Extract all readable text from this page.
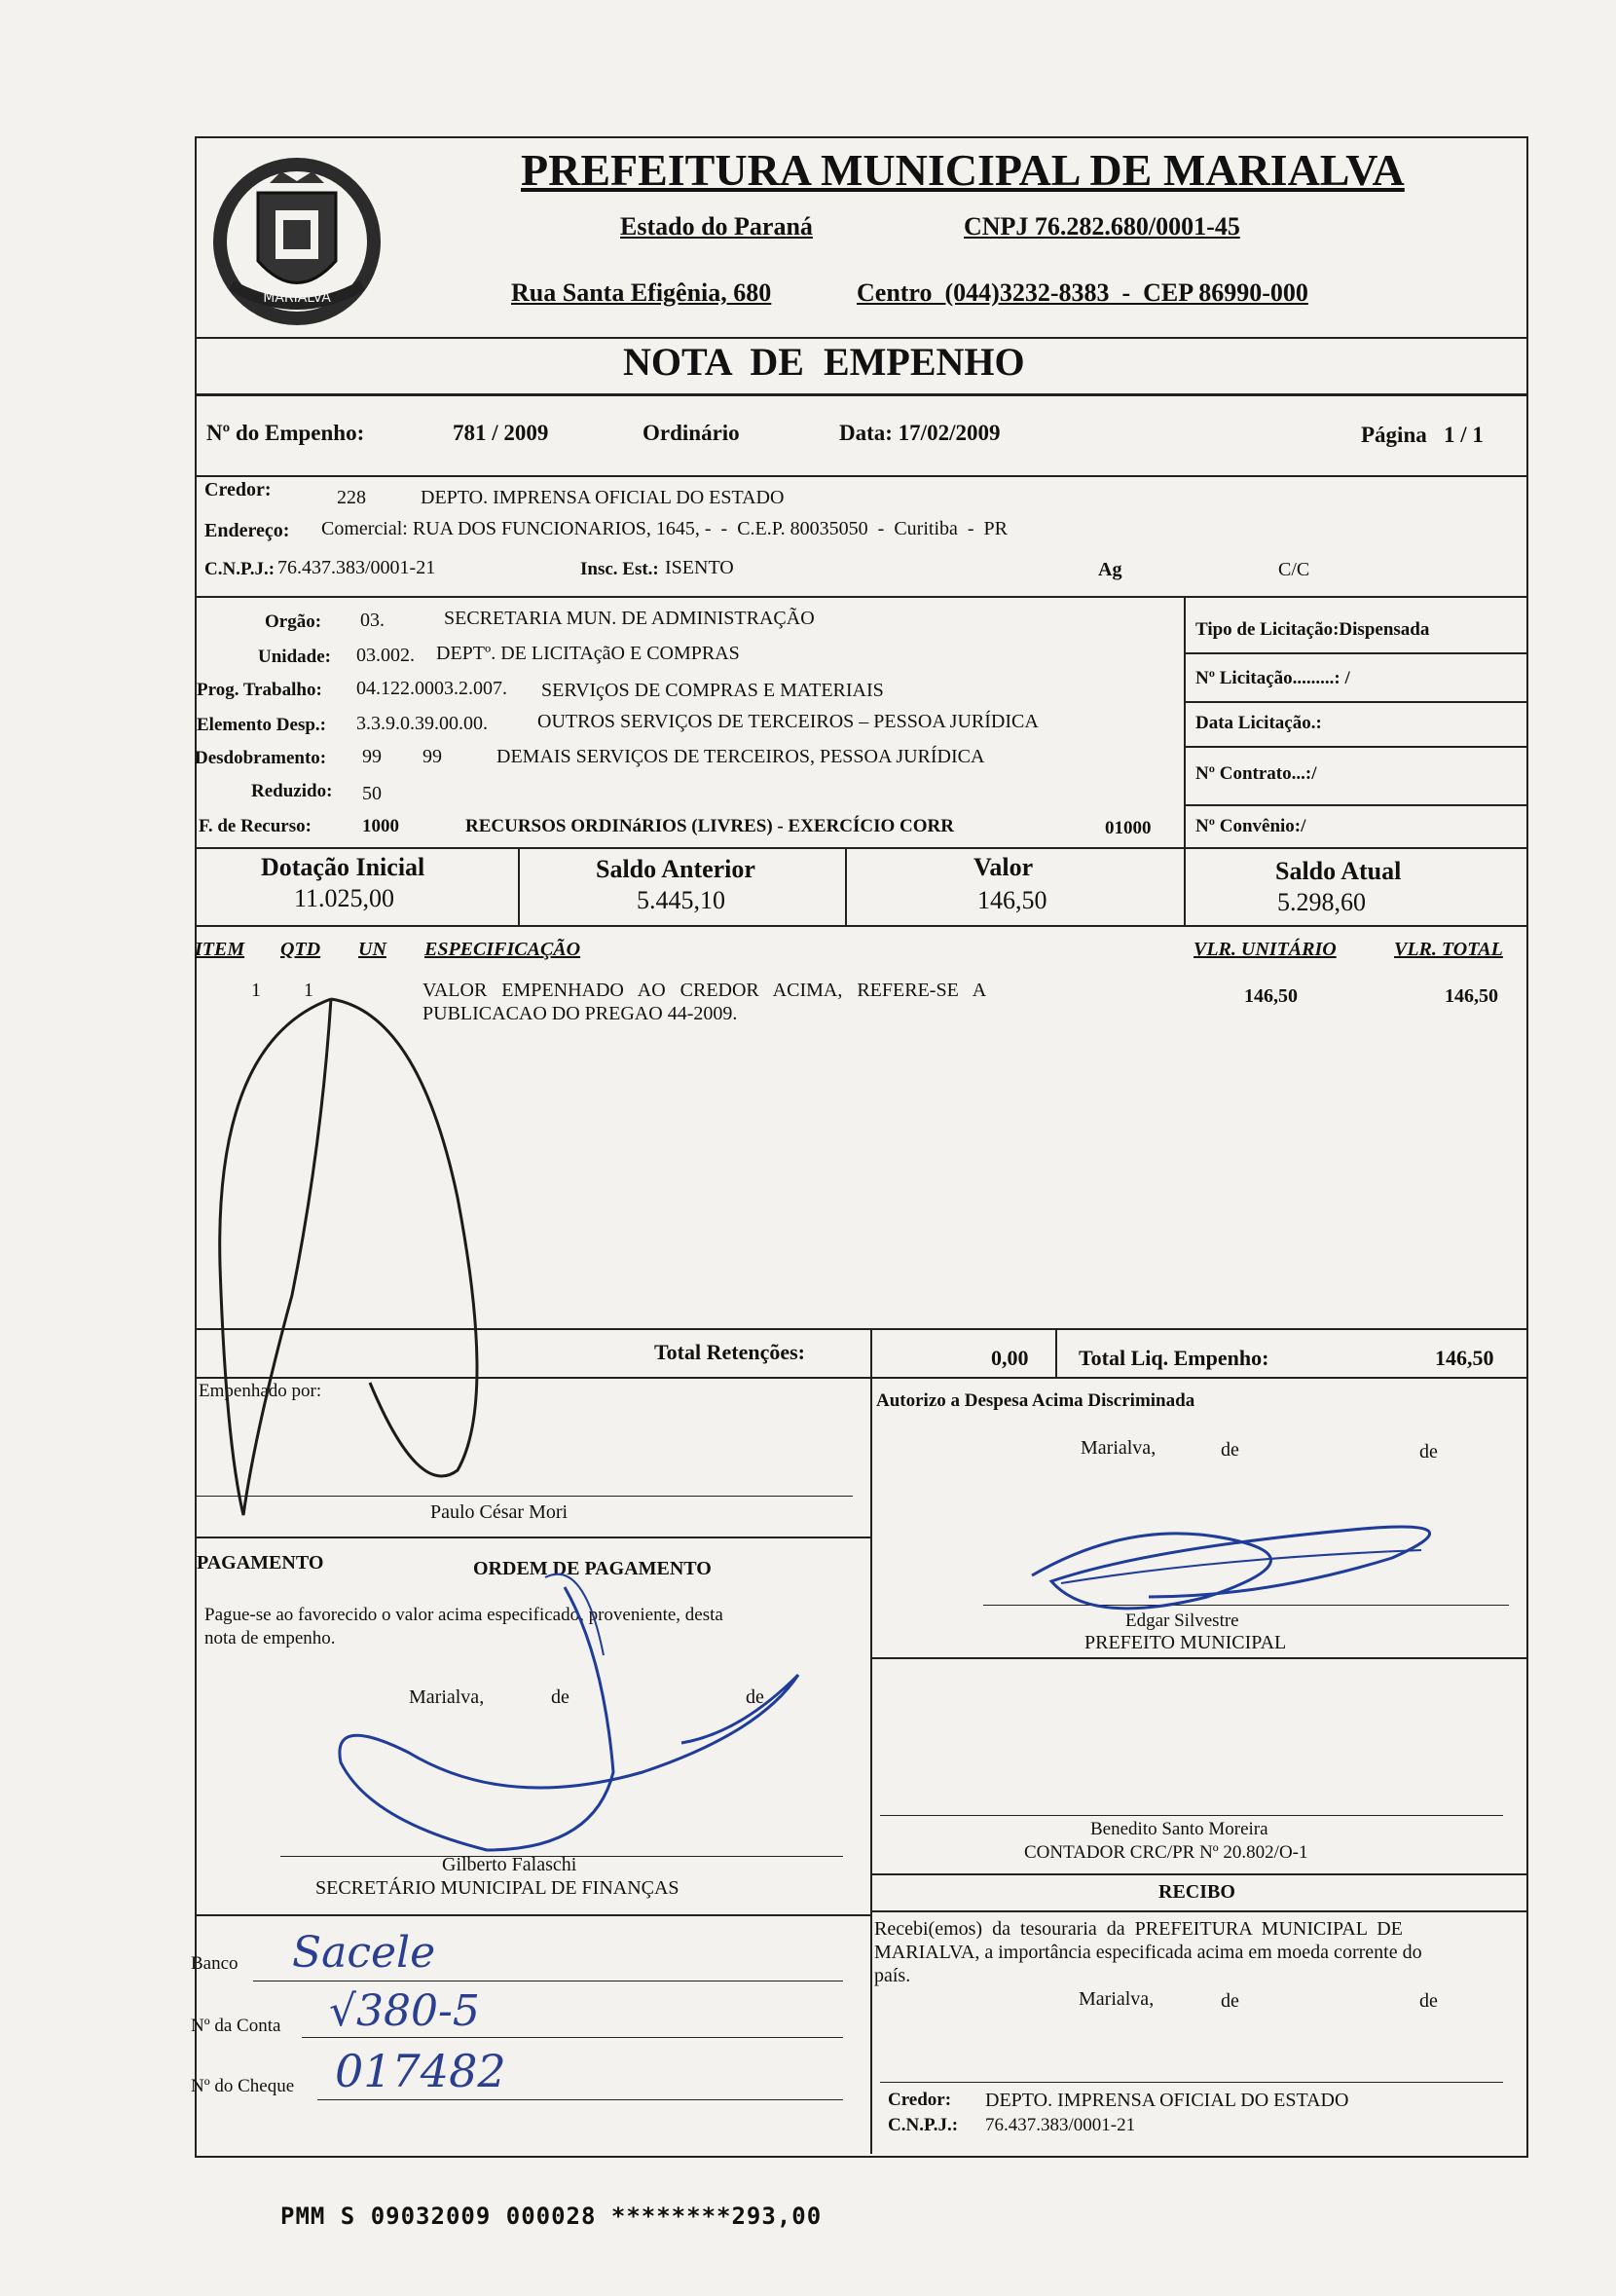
MARIALVA
PREFEITURA MUNICIPAL DE MARIALVA
Estado do Paraná	CNPJ 76.282.680/0001-45
Rua Santa Efigênia, 680	Centro  (044)3232-8383  -  CEP 86990-000
NOTA  DE  EMPENHO
Nº do Empenho:	781 / 2009	Ordinário	Data: 17/02/2009	Página   1 / 1
Credor:	228	DEPTO. IMPRENSA OFICIAL DO ESTADO
Endereço: Comercial: RUA DOS FUNCIONARIOS, 1645, -  -  C.E.P. 80035050  -  Curitiba  -  PR
C.N.P.J.: 76.437.383/0001-21	Insc. Est.: ISENTO	Ag	C/C
Orgão: 03.	SECRETARIA MUN. DE ADMINISTRAÇÃO
Unidade: 03.002. DEPTº. DE LICITAçãO E COMPRAS
Prog. Trabalho: 04.122.0003.2.007. SERVIçOS DE COMPRAS E MATERIAIS
Elemento Desp.: 3.3.9.0.39.00.00.	OUTROS SERVIÇOS DE TERCEIROS – PESSOA JURÍDICA
Desdobramento: 99 99	DEMAIS SERVIÇOS DE TERCEIROS, PESSOA JURÍDICA
Reduzido: 50
F. de Recurso:	1000	RECURSOS ORDINáRIOS (LIVRES) - EXERCÍCIO CORR	01000
Tipo de Licitação:Dispensada
Nº Licitação.........: /
Data Licitação.:
Nº Contrato...:/
Nº Convênio:/
Dotação Inicial
11.025,00
Saldo Anterior
5.445,10
Valor
146,50
Saldo Atual
5.298,60
ITEM QTD UN ESPECIFICAÇÃO	VLR. UNITÁRIO	VLR. TOTAL
1 1	VALOR   EMPENHADO   AO   CREDOR   ACIMA,   REFERE-SE   A
PUBLICACAO DO PREGAO 44-2009.
146,50	146,50
Total Retenções:	0,00 Total Liq. Empenho:	146,50
Empenhado por:
Paulo César Mori
Autorizo a Despesa Acima Discriminada
Marialva,	de	de
Edgar Silvestre
PREFEITO MUNICIPAL
PAGAMENTO	ORDEM DE PAGAMENTO
Pague-se ao favorecido o valor acima especificado, proveniente, desta
nota de empenho.
Marialva,	de	de
Gilberto Falaschi
SECRETÁRIO MUNICIPAL DE FINANÇAS
Banco Sacele
Nº da Conta √380-5
Nº do Cheque 017482
Benedito Santo Moreira
CONTADOR CRC/PR Nº 20.802/O-1
RECIBO
Recebi(emos)  da  tesouraria  da  PREFEITURA  MUNICIPAL  DE
MARIALVA, a importância especificada acima em moeda corrente do
país.
Marialva,	de	de
Credor: DEPTO. IMPRENSA OFICIAL DO ESTADO
C.N.P.J.: 76.437.383/0001-21
PMM S 09032009 000028 ********293,00
